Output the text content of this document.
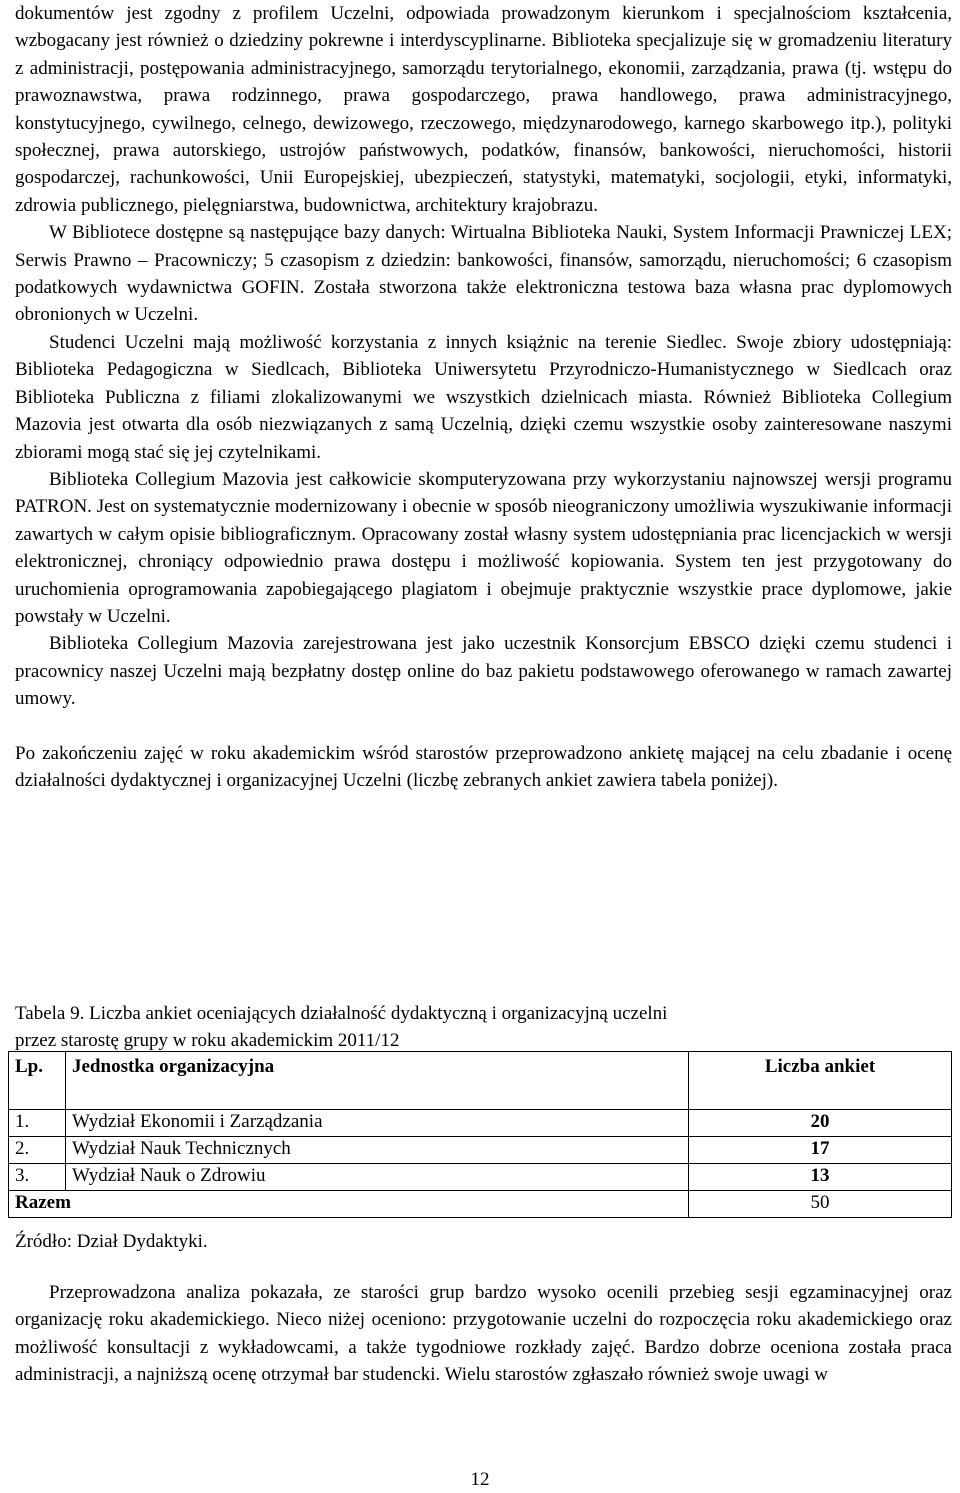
dokumentów jest zgodny z profilem Uczelni, odpowiada prowadzonym kierunkom i specjalnościom kształcenia, wzbogacany jest również o dziedziny pokrewne i interdyscyplinarne. Biblioteka specjalizuje się w gromadzeniu literatury z administracji, postępowania administracyjnego, samorządu terytorialnego, ekonomii, zarządzania, prawa (tj. wstępu do prawoznawstwa, prawa rodzinnego, prawa gospodarczego, prawa handlowego, prawa administracyjnego, konstytucyjnego, cywilnego, celnego, dewizowego, rzeczowego, międzynarodowego, karnego skarbowego itp.), polityki społecznej, prawa autorskiego, ustrojów państwowych, podatków, finansów, bankowości, nieruchomości, historii gospodarczej, rachunkowości, Unii Europejskiej, ubezpieczeń, statystyki, matematyki, socjologii, etyki, informatyki, zdrowia publicznego, pielęgniarstwa, budownictwa, architektury krajobrazu.

W Bibliotece dostępne są następujące bazy danych: Wirtualna Biblioteka Nauki, System Informacji Prawniczej LEX; Serwis Prawno – Pracowniczy; 5 czasopism z dziedzin: bankowości, finansów, samorządu, nieruchomości; 6 czasopism podatkowych wydawnictwa GOFIN. Została stworzona także elektroniczna testowa baza własna prac dyplomowych obronionych w Uczelni.

Studenci Uczelni mają możliwość korzystania z innych książnic na terenie Siedlec. Swoje zbiory udostępniają: Biblioteka Pedagogiczna w Siedlcach, Biblioteka Uniwersytetu Przyrodniczo-Humanistycznego w Siedlcach oraz Biblioteka Publiczna z filiami zlokalizowanymi we wszystkich dzielnicach miasta. Również Biblioteka Collegium Mazovia jest otwarta dla osób niezwiązanych z samą Uczelnią, dzięki czemu wszystkie osoby zainteresowane naszymi zbiorami mogą stać się jej czytelnikami.

Biblioteka Collegium Mazovia jest całkowicie skomputeryzowana przy wykorzystaniu najnowszej wersji programu PATRON. Jest on systematycznie modernizowany i obecnie w sposób nieograniczony umożliwia wyszukiwanie informacji zawartych w całym opisie bibliograficznym. Opracowany został własny system udostępniania prac licencjackich w wersji elektronicznej, chroniący odpowiednio prawa dostępu i możliwość kopiowania. System ten jest przygotowany do uruchomienia oprogramowania zapobiegającego plagiatom i obejmuje praktycznie wszystkie prace dyplomowe, jakie powstały w Uczelni.

Biblioteka Collegium Mazovia zarejestrowana jest jako uczestnik Konsorcjum EBSCO dzięki czemu studenci i pracownicy naszej Uczelni mają bezpłatny dostęp online do baz pakietu podstawowego oferowanego w ramach zawartej umowy.

Po zakończeniu zajęć w roku akademickim wśród starostów przeprowadzono ankietę mającej na celu zbadanie i ocenę działalności dydaktycznej i organizacyjnej Uczelni (liczbę zebranych ankiet zawiera tabela poniżej).

Tabela 9. Liczba ankiet oceniających działalność dydaktyczną i organizacyjną uczelni

przez starostę grupy w roku akademickim 2011/12

Lp.	Jednostka organizacyjna	Liczba ankiet
1.	Wydział Ekonomii i Zarządzania	20
2.	Wydział Nauk Technicznych	17
3.	Wydział Nauk o Zdrowiu	13
Razem		50
Źródło: Dział Dydaktyki.

Przeprowadzona analiza pokazała, ze starości grup bardzo wysoko ocenili przebieg sesji egzaminacyjnej oraz organizację roku akademickiego. Nieco niżej oceniono: przygotowanie uczelni do rozpoczęcia roku akademickiego oraz możliwość konsultacji z wykładowcami, a także tygodniowe rozkłady zajęć. Bardzo dobrze oceniona została praca administracji, a najniższą ocenę otrzymał bar studencki. Wielu starostów zgłaszało również swoje uwagi w

12
